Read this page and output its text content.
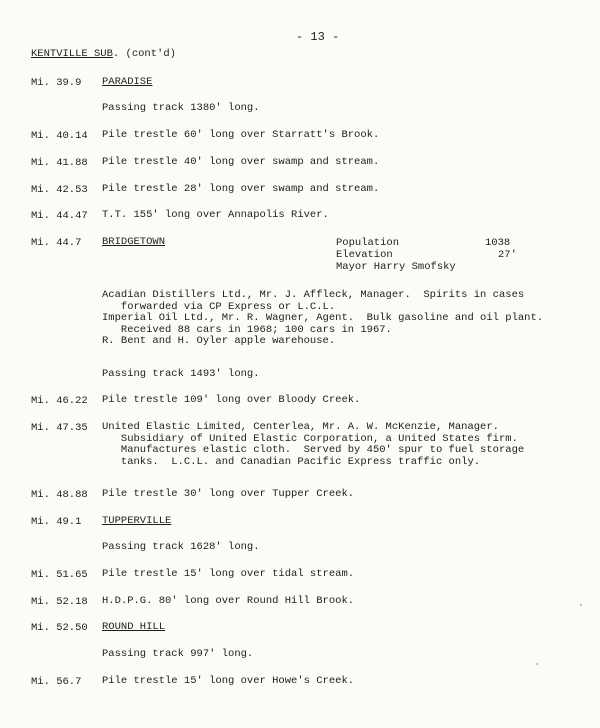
- 13 -
KENTVILLE SUB. (cont'd)
Mi. 39.9 PARADISE
Passing track 1380' long.
Mi. 40.14 Pile trestle 60' long over Starratt's Brook.
Mi. 41.88 Pile trestle 40' long over swamp and stream.
Mi. 42.53 Pile trestle 28' long over swamp and stream.
Mi. 44.47 T.T. 155' long over Annapolis River.
Mi. 44.7 BRIDGETOWN	Population	1038
Elevation	27'
Mayor Harry Smofsky
Acadian Distillers Ltd., Mr. J. Affleck, Manager.  Spirits in cases
forwarded via CP Express or L.C.L.
Imperial Oil Ltd., Mr. R. Wagner, Agent.  Bulk gasoline and oil plant.
Received 88 cars in 1968; 100 cars in 1967.
R. Bent and H. Oyler apple warehouse.
Passing track 1493' long.
Mi. 46.22 Pile trestle 109' long over Bloody Creek.
Mi. 47.35 United Elastic Limited, Centerlea, Mr. A. W. McKenzie, Manager.
Subsidiary of United Elastic Corporation, a United States firm.
Manufactures elastic cloth.  Served by 450' spur to fuel storage
tanks.  L.C.L. and Canadian Pacific Express traffic only.
Mi. 48.88 Pile trestle 30' long over Tupper Creek.
Mi. 49.1 TUPPERVILLE
Passing track 1628' long.
Mi. 51.65 Pile trestle 15' long over tidal stream.
Mi. 52.18 H.D.P.G. 80' long over Round Hill Brook.
Mi. 52.50 ROUND HILL
Passing track 997' long.
Mi. 56.7 Pile trestle 15' long over Howe's Creek.
